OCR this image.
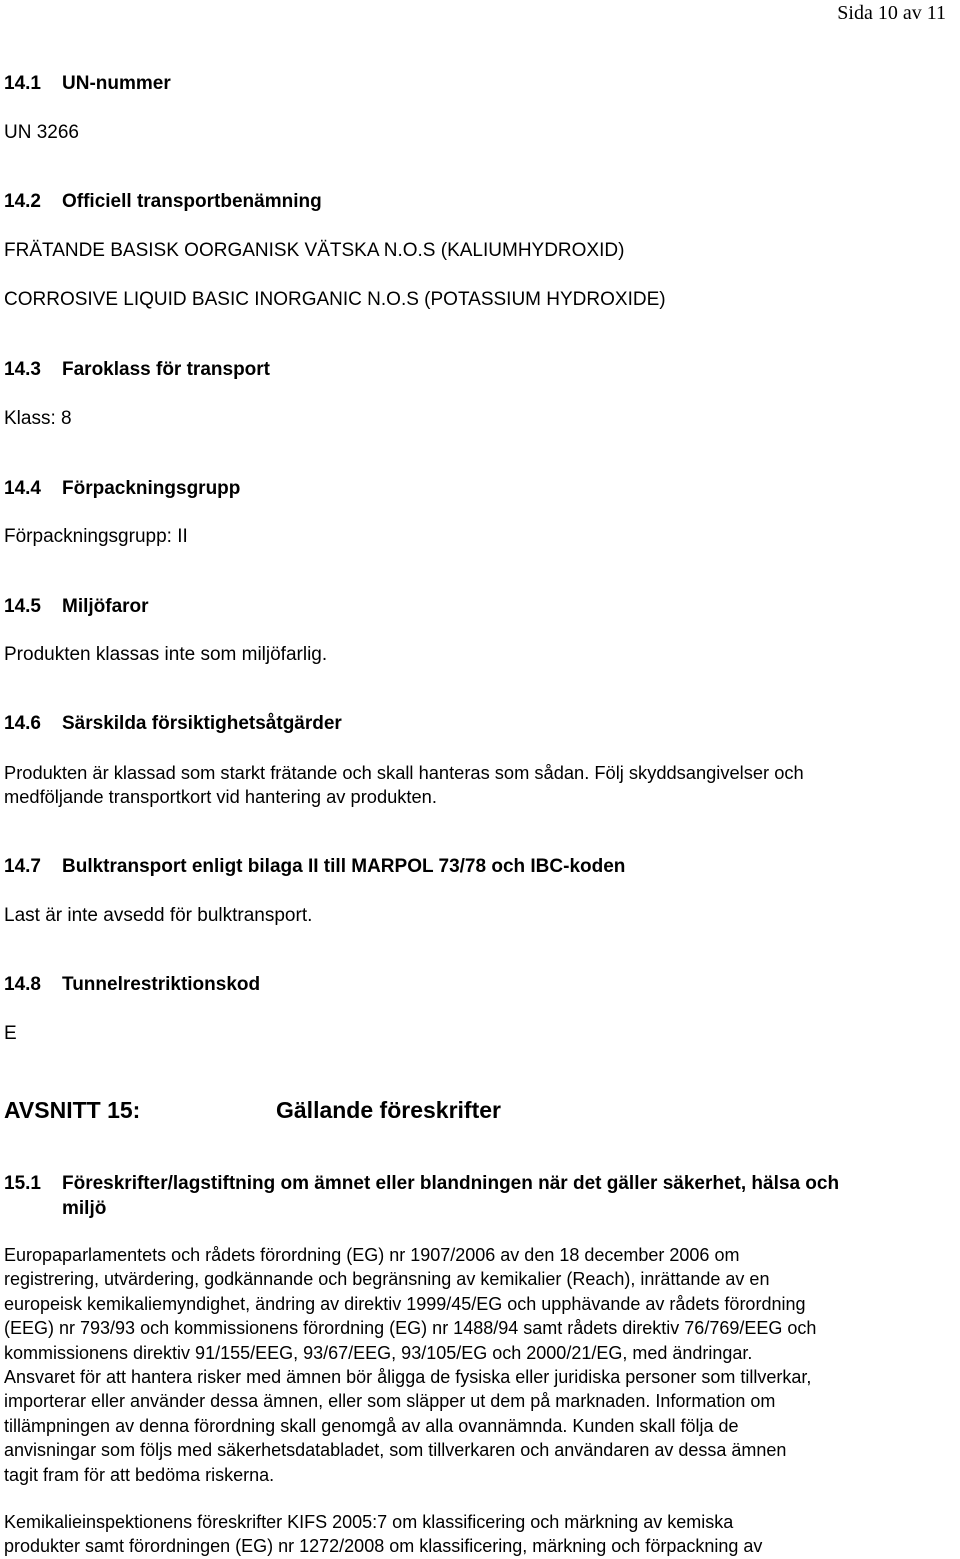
Sida 10 av 11
14.1 UN-nummer
UN 3266
14.2 Officiell transportbenämning
FRÄTANDE BASISK OORGANISK VÄTSKA N.O.S (KALIUMHYDROXID)
CORROSIVE LIQUID BASIC INORGANIC N.O.S (POTASSIUM HYDROXIDE)
14.3 Faroklass för transport
Klass: 8
14.4 Förpackningsgrupp
Förpackningsgrupp: II
14.5 Miljöfaror
Produkten klassas inte som miljöfarlig.
14.6 Särskilda försiktighetsåtgärder
Produkten är klassad som starkt frätande och skall hanteras som sådan. Följ skyddsangivelser och
medföljande transportkort vid hantering av produkten.
14.7 Bulktransport enligt bilaga II till MARPOL 73/78 och IBC-koden
Last är inte avsedd för bulktransport.
14.8 Tunnelrestriktionskod
E
AVSNITT 15:	Gällande föreskrifter
15.1	Föreskrifter/lagstiftning om ämnet eller blandningen när det gäller säkerhet, hälsa och
miljö
Europaparlamentets och rådets förordning (EG) nr 1907/2006 av den 18 december 2006 om
registrering, utvärdering, godkännande och begränsning av kemikalier (Reach), inrättande av en
europeisk kemikaliemyndighet, ändring av direktiv 1999/45/EG och upphävande av rådets förordning
(EEG) nr 793/93 och kommissionens förordning (EG) nr 1488/94 samt rådets direktiv 76/769/EEG och
kommissionens direktiv 91/155/EEG, 93/67/EEG, 93/105/EG och 2000/21/EG, med ändringar.
Ansvaret för att hantera risker med ämnen bör åligga de fysiska eller juridiska personer som tillverkar,
importerar eller använder dessa ämnen, eller som släpper ut dem på marknaden. Information om
tillämpningen av denna förordning skall genomgå av alla ovannämnda. Kunden skall följa de
anvisningar som följs med säkerhetsdatabladet, som tillverkaren och användaren av dessa ämnen
tagit fram för att bedöma riskerna.
Kemikalieinspektionens föreskrifter KIFS 2005:7 om klassificering och märkning av kemiska
produkter samt förordningen (EG) nr 1272/2008 om klassificering, märkning och förpackning av
